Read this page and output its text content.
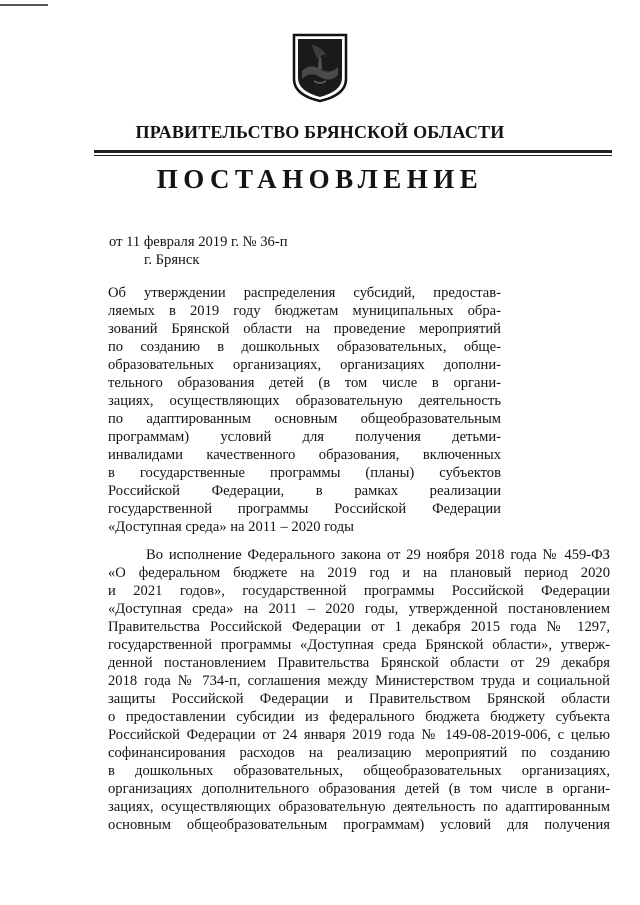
ПРАВИТЕЛЬСТВО БРЯНСКОЙ ОБЛАСТИ
ПОСТАНОВЛЕНИЕ
от 11 февраля 2019 г. № 36-п
г. Брянск
Об утверждении распределения субсидий, предостав-
ляемых в 2019 году бюджетам муниципальных обра-
зований Брянской области на проведение мероприятий
по созданию в дошкольных образовательных, обще-
образовательных организациях, организациях дополни-
тельного образования детей (в том числе в органи-
зациях, осуществляющих образовательную деятельность
по адаптированным основным общеобразовательным
программам) условий для получения детьми-
инвалидами качественного образования, включенных
в государственные программы (планы) субъектов
Российской Федерации, в рамках реализации
государственной программы Российской Федерации
«Доступная среда» на 2011 – 2020 годы
Во исполнение Федерального закона от 29 ноября 2018 года № 459-ФЗ
«О федеральном бюджете на 2019 год и на плановый период 2020
и 2021 годов», государственной программы Российской Федерации
«Доступная среда» на 2011 – 2020 годы, утвержденной постановлением
Правительства Российской Федерации от 1 декабря 2015 года № 1297,
государственной программы «Доступная среда Брянской области», утверж-
денной постановлением Правительства Брянской области от 29 декабря
2018 года № 734-п, соглашения между Министерством труда и социальной
защиты Российской Федерации и Правительством Брянской области
о предоставлении субсидии из федерального бюджета бюджету субъекта
Российской Федерации от 24 января 2019 года № 149-08-2019-006, с целью
софинансирования расходов на реализацию мероприятий по созданию
в дошкольных образовательных, общеобразовательных организациях,
организациях дополнительного образования детей (в том числе в органи-
зациях, осуществляющих образовательную деятельность по адаптированным
основным общеобразовательным программам) условий для получения
